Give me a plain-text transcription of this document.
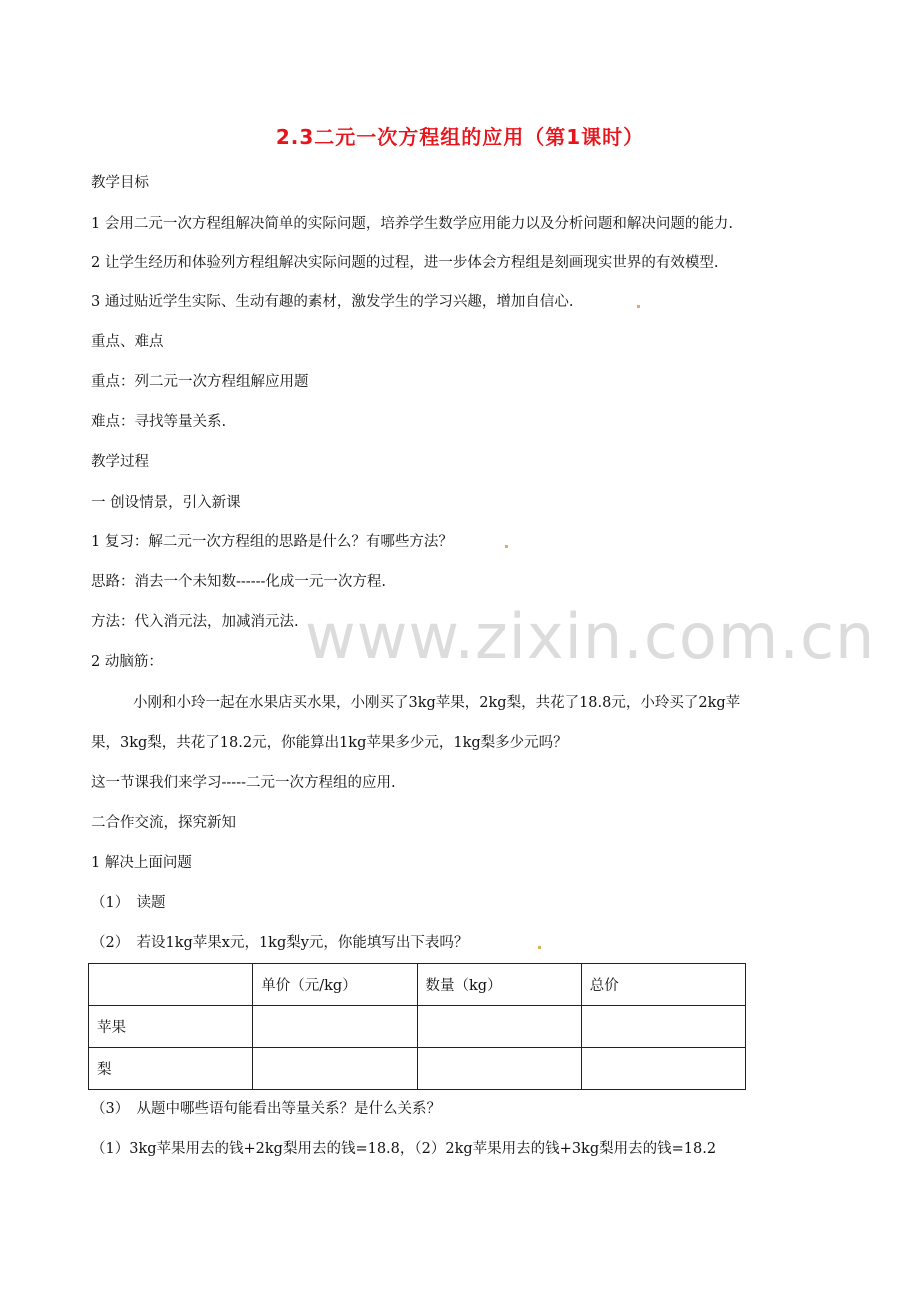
2.3二元一次方程组的应用（第1课时）
www.zixin.com.cn
教学目标
1 会用二元一次方程组解决简单的实际问题，培养学生数学应用能力以及分析问题和解决问题的能力.
2 让学生经历和体验列方程组解决实际问题的过程，进一步体会方程组是刻画现实世界的有效模型.
3 通过贴近学生实际、生动有趣的素材，激发学生的学习兴趣，增加自信心.
重点、难点
重点：列二元一次方程组解应用题
难点：寻找等量关系.
教学过程
一 创设情景，引入新课
1 复习：解二元一次方程组的思路是什么？有哪些方法？
思路：消去一个未知数------化成一元一次方程.
方法：代入消元法，加减消元法.
2 动脑筋：
小刚和小玲一起在水果店买水果，小刚买了3kg苹果，2kg梨，共花了18.8元，小玲买了2kg苹
果，3kg梨，共花了18.2元，你能算出1kg苹果多少元，1kg梨多少元吗？
这一节课我们来学习-----二元一次方程组的应用.
二合作交流，探究新知
1 解决上面问题
（1）　读题
（2）　若设1kg苹果x元，1kg梨y元，你能填写出下表吗？
	单价（元/kg）	数量（kg）	总价
苹果			
梨			
（3）　从题中哪些语句能看出等量关系？是什么关系？
（1）3kg苹果用去的钱+2kg梨用去的钱=18.8，（2）2kg苹果用去的钱+3kg梨用去的钱=18.2
